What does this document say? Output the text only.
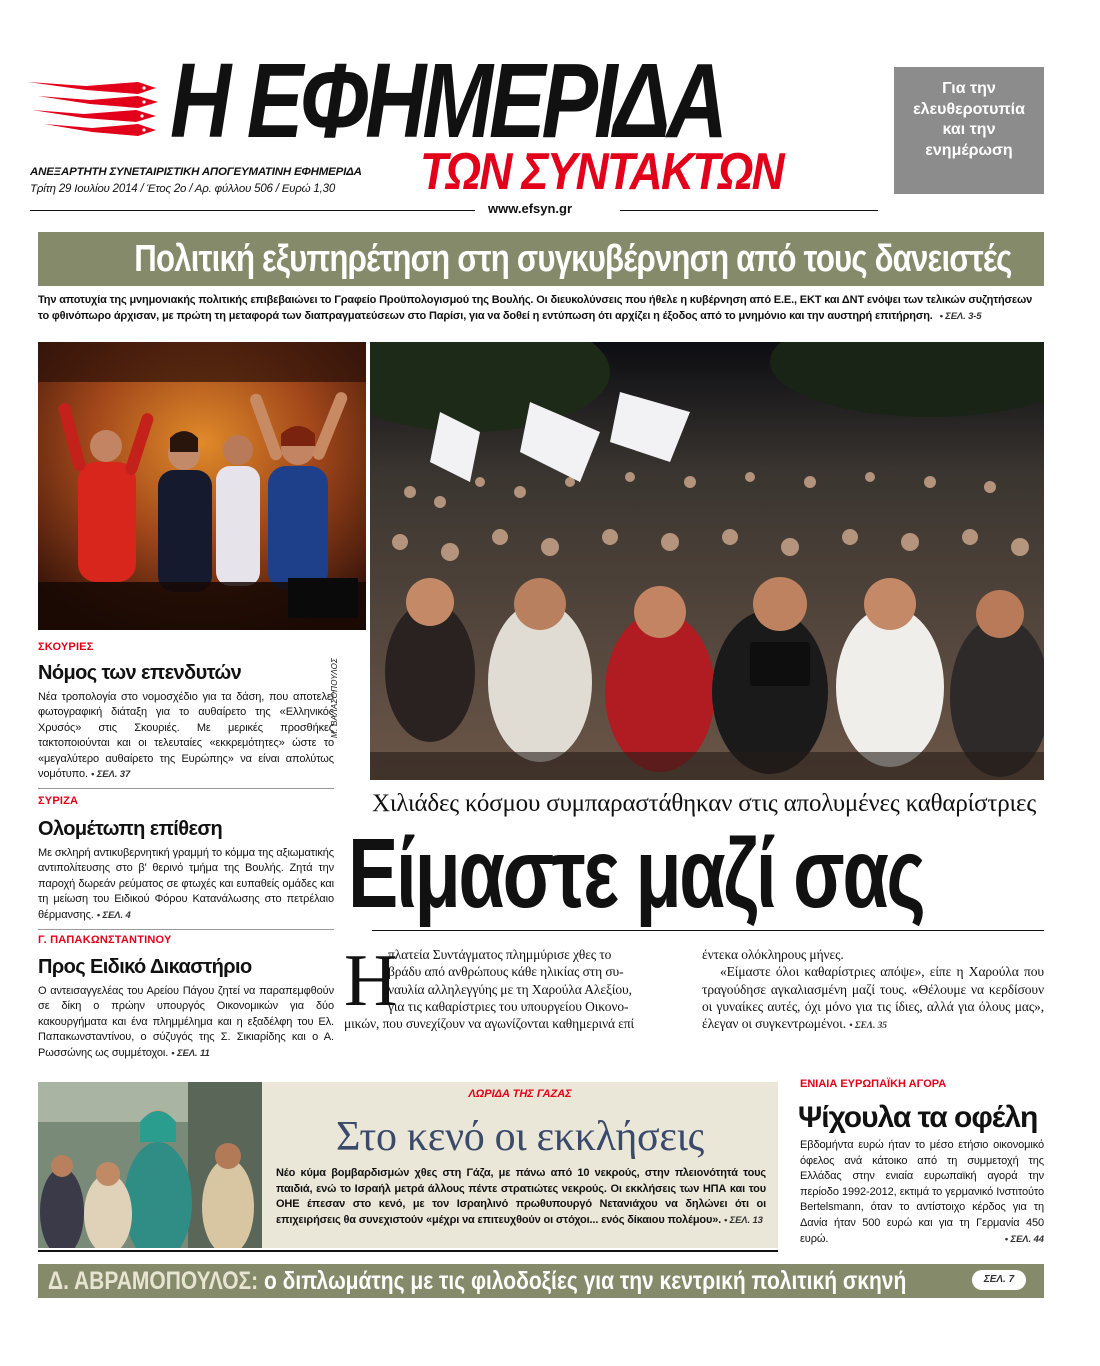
Η ΕΦΗΜΕΡΙΔΑ
ΤΩΝ ΣΥΝΤΑΚΤΩΝ
ΑΝΕΞΑΡΤΗΤΗ ΣΥΝΕΤΑΙΡΙΣΤΙΚΗ ΑΠΟΓΕΥΜΑΤΙΝΗ ΕΦΗΜΕΡΙΔΑ
Τρίτη 29 Ιουλίου 2014 / Έτος 2ο / Αρ. φύλλου 506 / Ευρώ 1,30
www.efsyn.gr
Για την
ελευθεροτυπία
και την
ενημέρωση
Πολιτική εξυπηρέτηση στη συγκυβέρνηση από τους δανειστές
Την αποτυχία της μνημονιακής πολιτικής επιβεβαιώνει το Γραφείο Προϋπολογισμού της Βουλής. Οι διευκολύνσεις που ήθελε η κυβέρνηση από Ε.Ε., ΕΚΤ και ΔΝΤ ενόψει των τελικών συζητήσεων το φθινόπωρο άρχισαν, με πρώτη τη μεταφορά των διαπραγματεύσεων στο Παρίσι, για να δοθεί η εντύπωση ότι αρχίζει η έξοδος από το μνημόνιο και την αυστηρή επιτήρηση. • ΣΕΛ. 3-5
Μ. ΒΑΛΑΣΟΠΟΥΛΟΣ
ΣΚΟΥΡΙΕΣ
Νόμος των επενδυτών
Νέα τροπολογία στο νομοσχέδιο για τα δάση, που αποτελεί φωτογραφική διάταξη για το αυθαίρετο της «Ελληνικός Χρυσός» στις Σκουριές. Με μερικές προσθήκες τακτοποιούνται και οι τελευταίες «εκκρεμότητες» ώστε το «μεγαλύτερο αυθαίρετο της Ευρώπης» να είναι απολύτως νομότυπο. • ΣΕΛ. 37
ΣΥΡΙΖΑ
Ολομέτωπη επίθεση
Με σκληρή αντικυβερνητική γραμμή το κόμμα της αξιωματικής αντιπολίτευσης στο β' θερινό τμήμα της Βουλής. Ζητά την παροχή δωρεάν ρεύματος σε φτωχές και ευπαθείς ομάδες και τη μείωση του Ειδικού Φόρου Κατανάλωσης στο πετρέλαιο θέρμανσης. • ΣΕΛ. 4
Γ. ΠΑΠΑΚΩΝΣΤΑΝΤΙΝΟΥ
Προς Ειδικό Δικαστήριο
Ο αντεισαγγελέας του Αρείου Πάγου ζητεί να παραπεμφθούν σε δίκη ο πρώην υπουργός Οικονομικών για δύο κακουργήματα και ένα πλημμέλημα και η εξαδέλφη του Ελ. Παπακωνσταντίνου, ο σύζυγός της Σ. Σικιαρίδης και ο Α. Ρωσσώνης ως συμμέτοχοι. • ΣΕΛ. 11
Χιλιάδες κόσμου συμπαραστάθηκαν στις απολυμένες καθαρίστριες
Είμαστε μαζί σας
Η
πλατεία Συντάγματος πλημμύρισε χθες το
βράδυ από ανθρώπους κάθε ηλικίας στη συ-
ναυλία αλληλεγγύης με τη Χαρούλα Αλεξίου,
για τις καθαρίστριες του υπουργείου Οικονο-
μικών, που συνεχίζουν να αγωνίζονται καθημερινά επί
έντεκα ολόκληρους μήνες.
«Είμαστε όλοι καθαρίστριες απόψε», είπε η Χαρούλα που τραγούδησε αγκαλιασμένη μαζί τους. «Θέλουμε να κερδίσουν οι γυναίκες αυτές, όχι μόνο για τις ίδιες, αλλά για όλους μας», έλεγαν οι συγκεντρωμένοι. • ΣΕΛ. 35
ΛΩΡΙΔΑ ΤΗΣ ΓΑΖΑΣ
Στο κενό οι εκκλήσεις
Νέο κύμα βομβαρδισμών χθες στη Γάζα, με πάνω από 10 νεκρούς, στην πλειονότητά τους παιδιά, ενώ το Ισραήλ μετρά άλλους πέντε στρατιώτες νεκρούς. Οι εκκλήσεις των ΗΠΑ και του ΟΗΕ έπεσαν στο κενό, με τον Ισραηλινό πρωθυπουργό Νετανιάχου να δηλώνει ότι οι επιχειρήσεις θα συνεχιστούν «μέχρι να επιτευχθούν οι στόχοι... ενός δίκαιου πολέμου». • ΣΕΛ. 13
ΕΝΙΑΙΑ ΕΥΡΩΠΑΪΚΗ ΑΓΟΡΑ
Ψίχουλα τα οφέλη
Εβδομήντα ευρώ ήταν το μέσο ετήσιο οικονομικό όφελος ανά κάτοικο από τη συμμετοχή της Ελλάδας στην ενιαία ευρωπαϊκή αγορά την περίοδο 1992-2012, εκτιμά το γερμανικό Ινστιτούτο Bertelsmann, όταν το αντίστοιχο κέρδος για τη Δανία ήταν 500 ευρώ και για τη Γερμανία 450 ευρώ.	• ΣΕΛ. 44
Δ. ΑΒΡΑΜΟΠΟΥΛΟΣ: ο διπλωμάτης με τις φιλοδοξίες για την κεντρική πολιτική σκηνή	ΣΕΛ. 7
